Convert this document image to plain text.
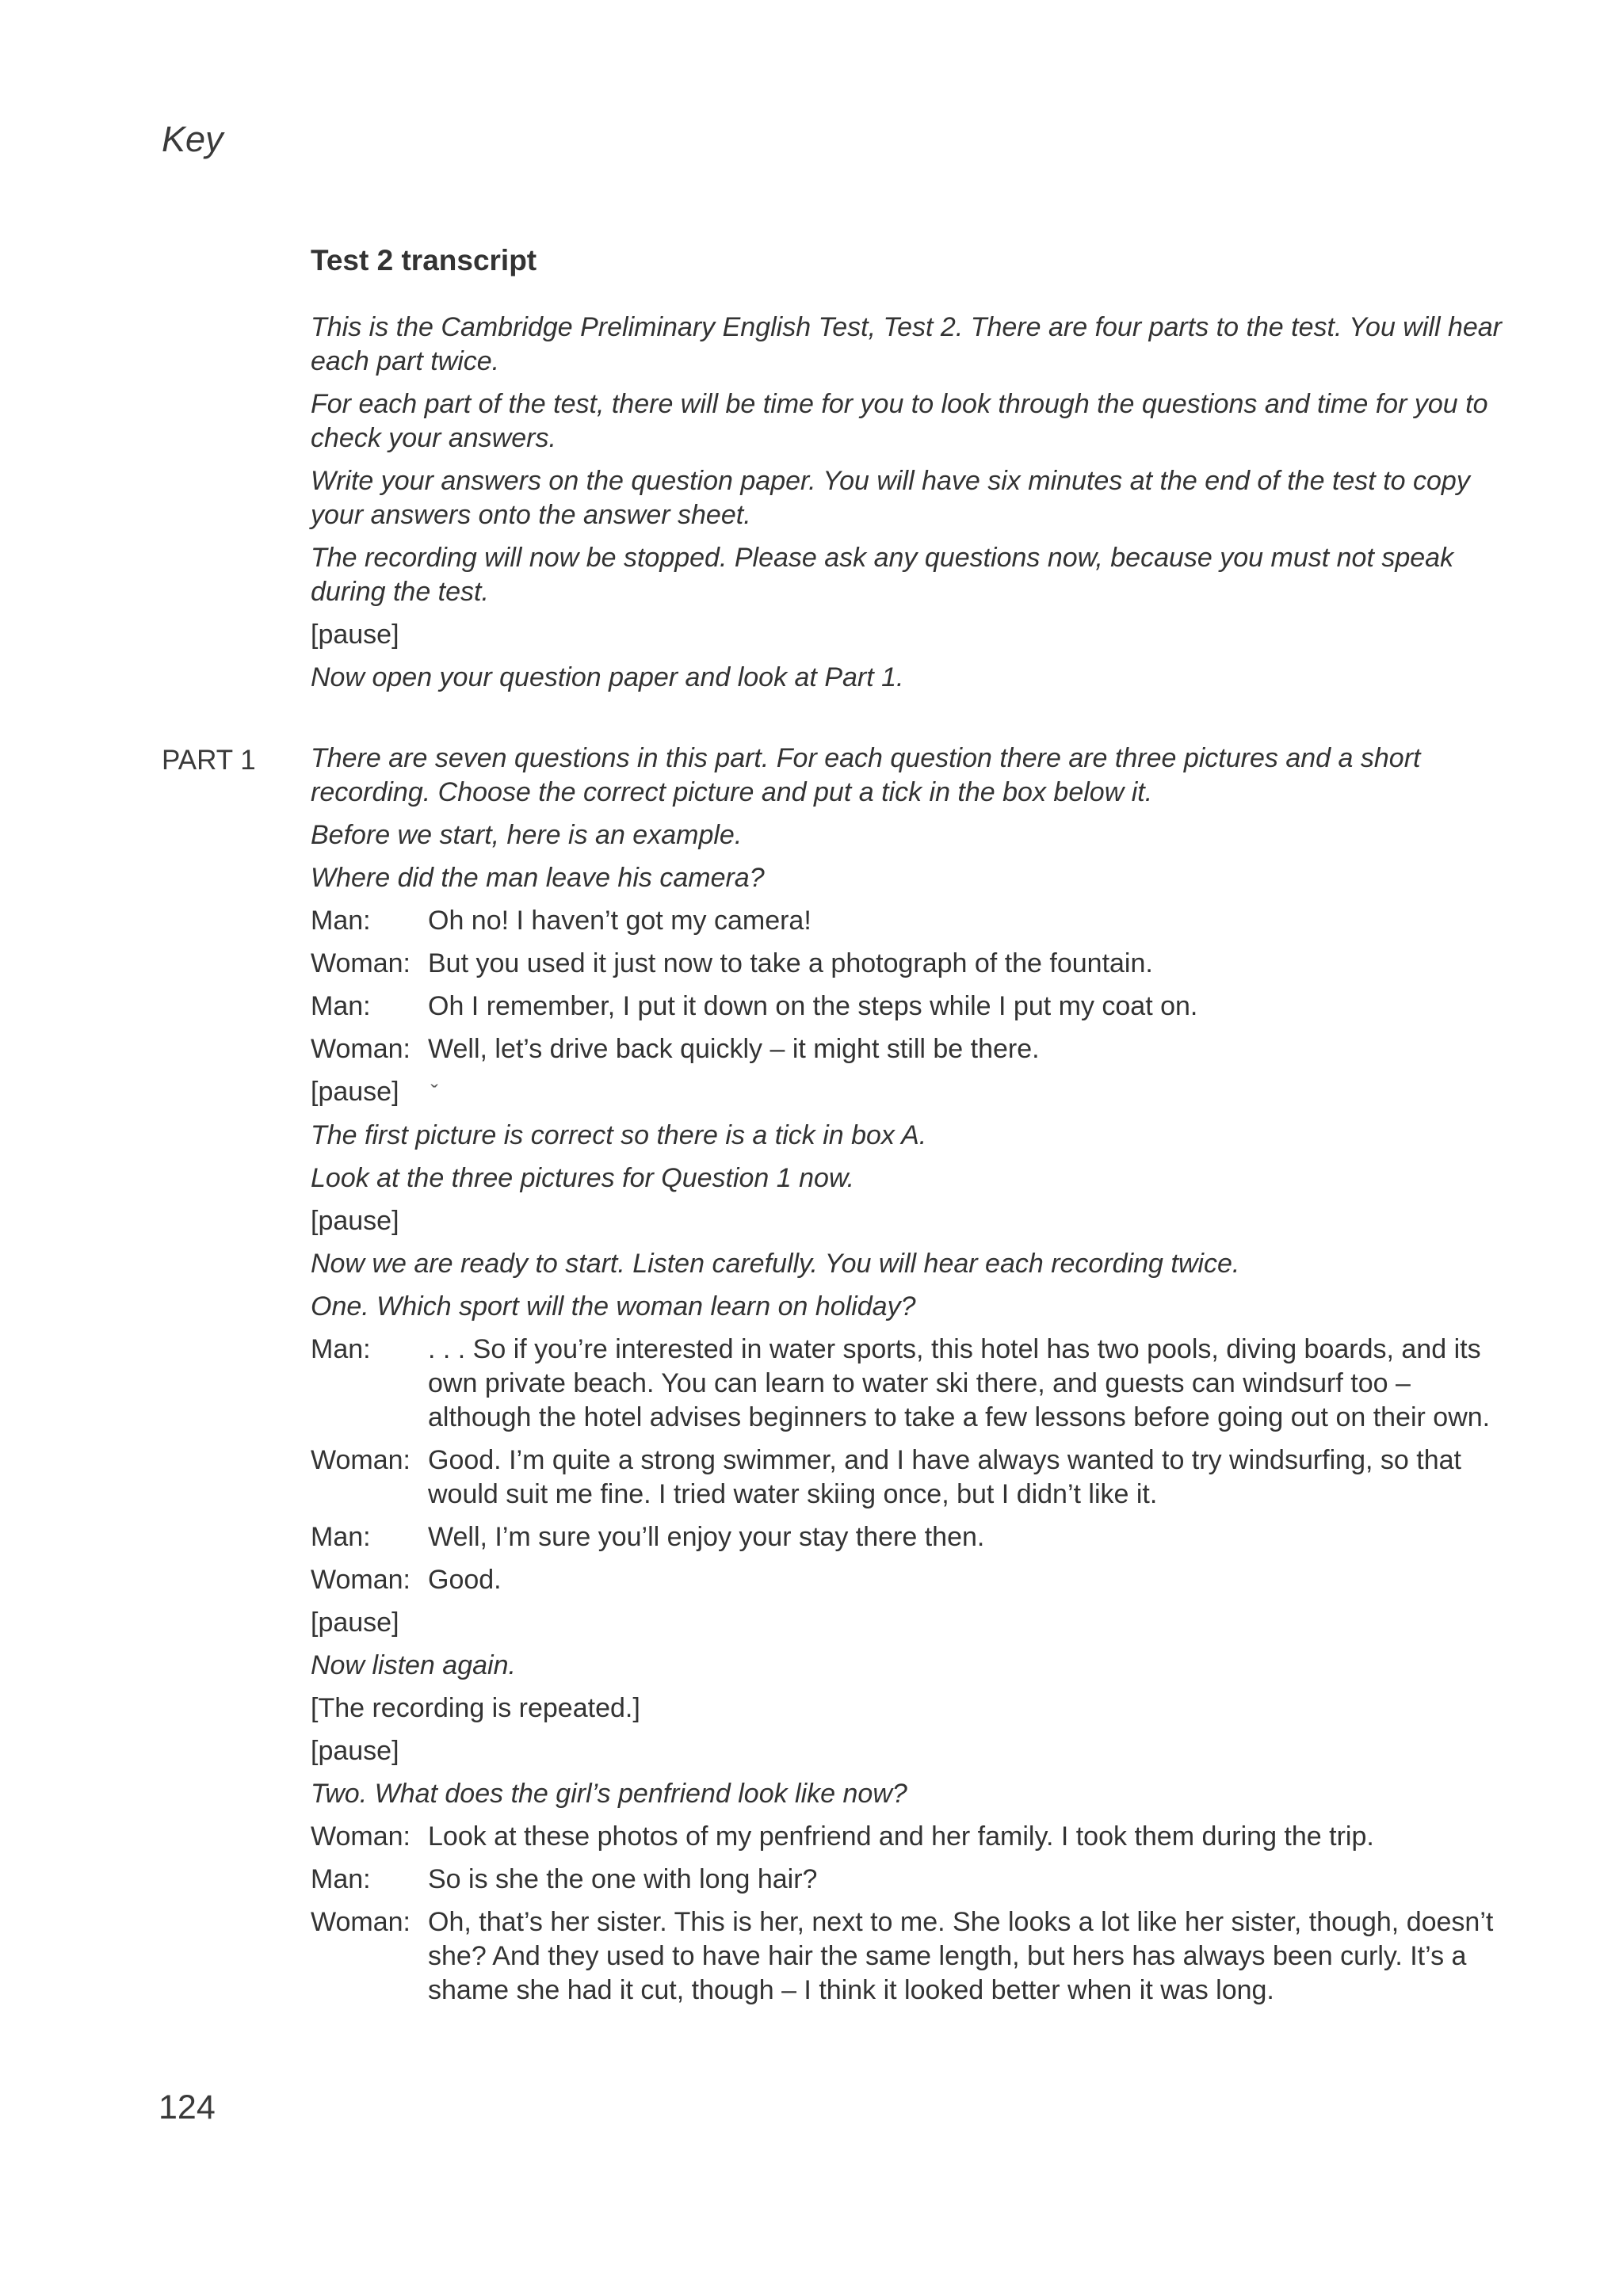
Key
Test 2 transcript

This is the Cambridge Preliminary English Test, Test 2. There are four parts to the test. You will hear each part twice.

For each part of the test, there will be time for you to look through the questions and time for you to check your answers.

Write your answers on the question paper. You will have six minutes at the end of the test to copy your answers onto the answer sheet.

The recording will now be stopped. Please ask any questions now, because you must not speak during the test.

[pause]

Now open your question paper and look at Part 1.

PART 1 There are seven questions in this part. For each question there are three pictures and a short recording. Choose the correct picture and put a tick in the box below it.

Before we start, here is an example.

Where did the man leave his camera?

Man:	Oh no! I haven’t got my camera!
Woman: But you used it just now to take a photograph of the fountain.
Man:	Oh I remember, I put it down on the steps while I put my coat on.
Woman: Well, let’s drive back quickly – it might still be there.

[pause] ˇ

The first picture is correct so there is a tick in box A.

Look at the three pictures for Question 1 now.

[pause]

Now we are ready to start. Listen carefully. You will hear each recording twice.

One. Which sport will the woman learn on holiday?

Man:	. . . So if you’re interested in water sports, this hotel has two pools, diving boards, and its own private beach. You can learn to water ski there, and guests can windsurf too – although the hotel advises beginners to take a few lessons before going out on their own.
Woman: Good. I’m quite a strong swimmer, and I have always wanted to try windsurfing, so that would suit me fine. I tried water skiing once, but I didn’t like it.
Man:	Well, I’m sure you’ll enjoy your stay there then.
Woman: Good.

[pause]

Now listen again.

[The recording is repeated.]

[pause]

Two. What does the girl’s penfriend look like now?

Woman: Look at these photos of my penfriend and her family. I took them during the trip.
Man:	So is she the one with long hair?
Woman: Oh, that’s her sister. This is her, next to me. She looks a lot like her sister, though, doesn’t she? And they used to have hair the same length, but hers has always been curly. It’s a shame she had it cut, though – I think it looked better when it was long.
124
